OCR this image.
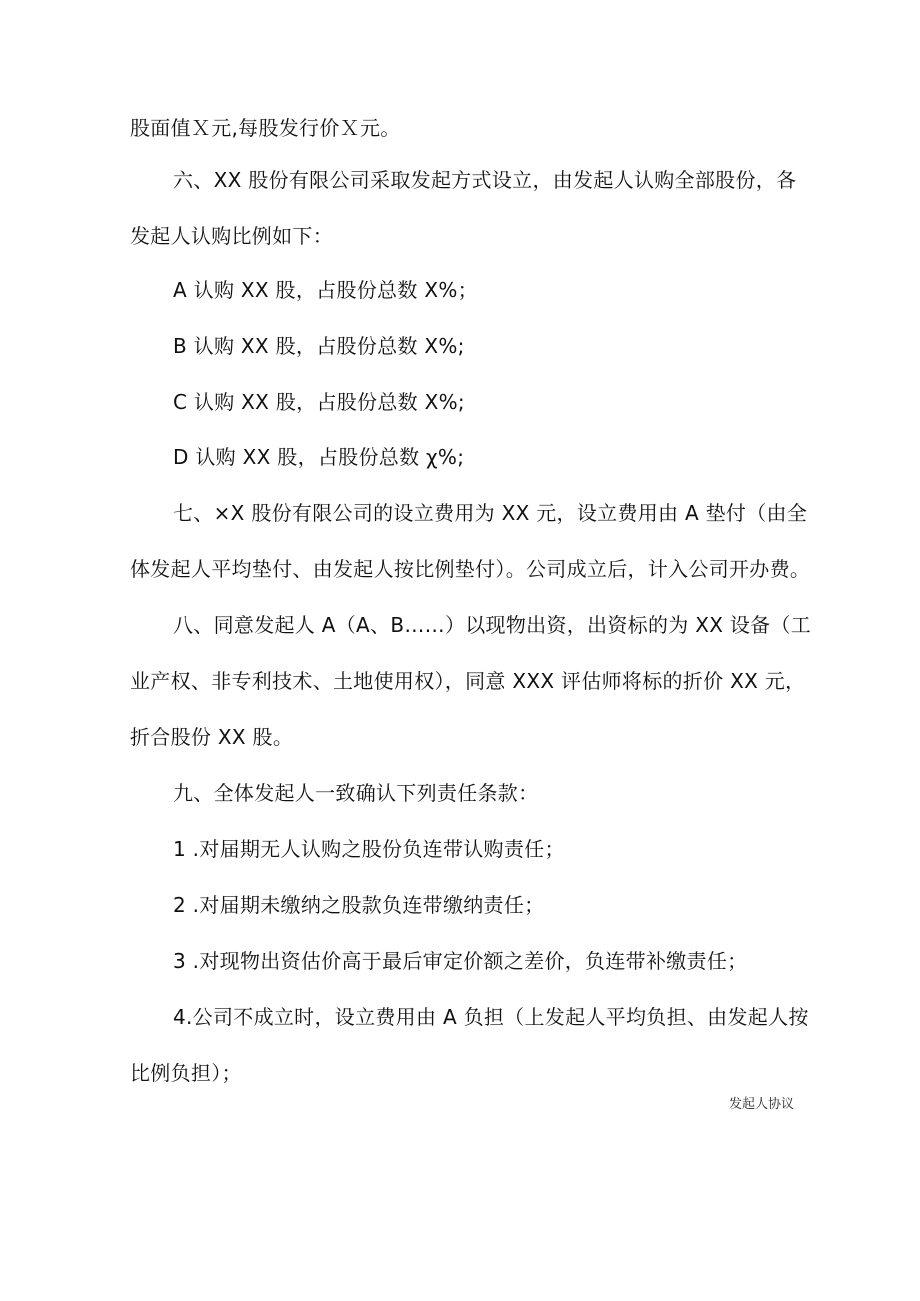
股面值Ｘ元,每股发行价Ｘ元。
六、XX 股份有限公司采取发起方式设立，由发起人认购全部股份，各
发起人认购比例如下：
A 认购 XX 股，占股份总数 X%；
B 认购 XX 股，占股份总数 X%;
C 认购 XX 股，占股份总数 X%;
D 认购 XX 股，占股份总数 χ%;
七、×X 股份有限公司的设立费用为 XX 元，设立费用由 A 垫付（由全
体发起人平均垫付、由发起人按比例垫付）。公司成立后，计入公司开办费。
八、同意发起人 A（A、B……）以现物出资，出资标的为 XX 设备（工
业产权、非专利技术、土地使用权），同意 XXX 评估师将标的折价 XX 元，
折合股份 XX 股。
九、全体发起人一致确认下列责任条款：
1 .对届期无人认购之股份负连带认购责任；
2 .对届期未缴纳之股款负连带缴纳责任；
3 .对现物出资估价高于最后审定价额之差价，负连带补缴责任；
4.公司不成立时，设立费用由 A 负担（上发起人平均负担、由发起人按
比例负担）；
发起人协议
